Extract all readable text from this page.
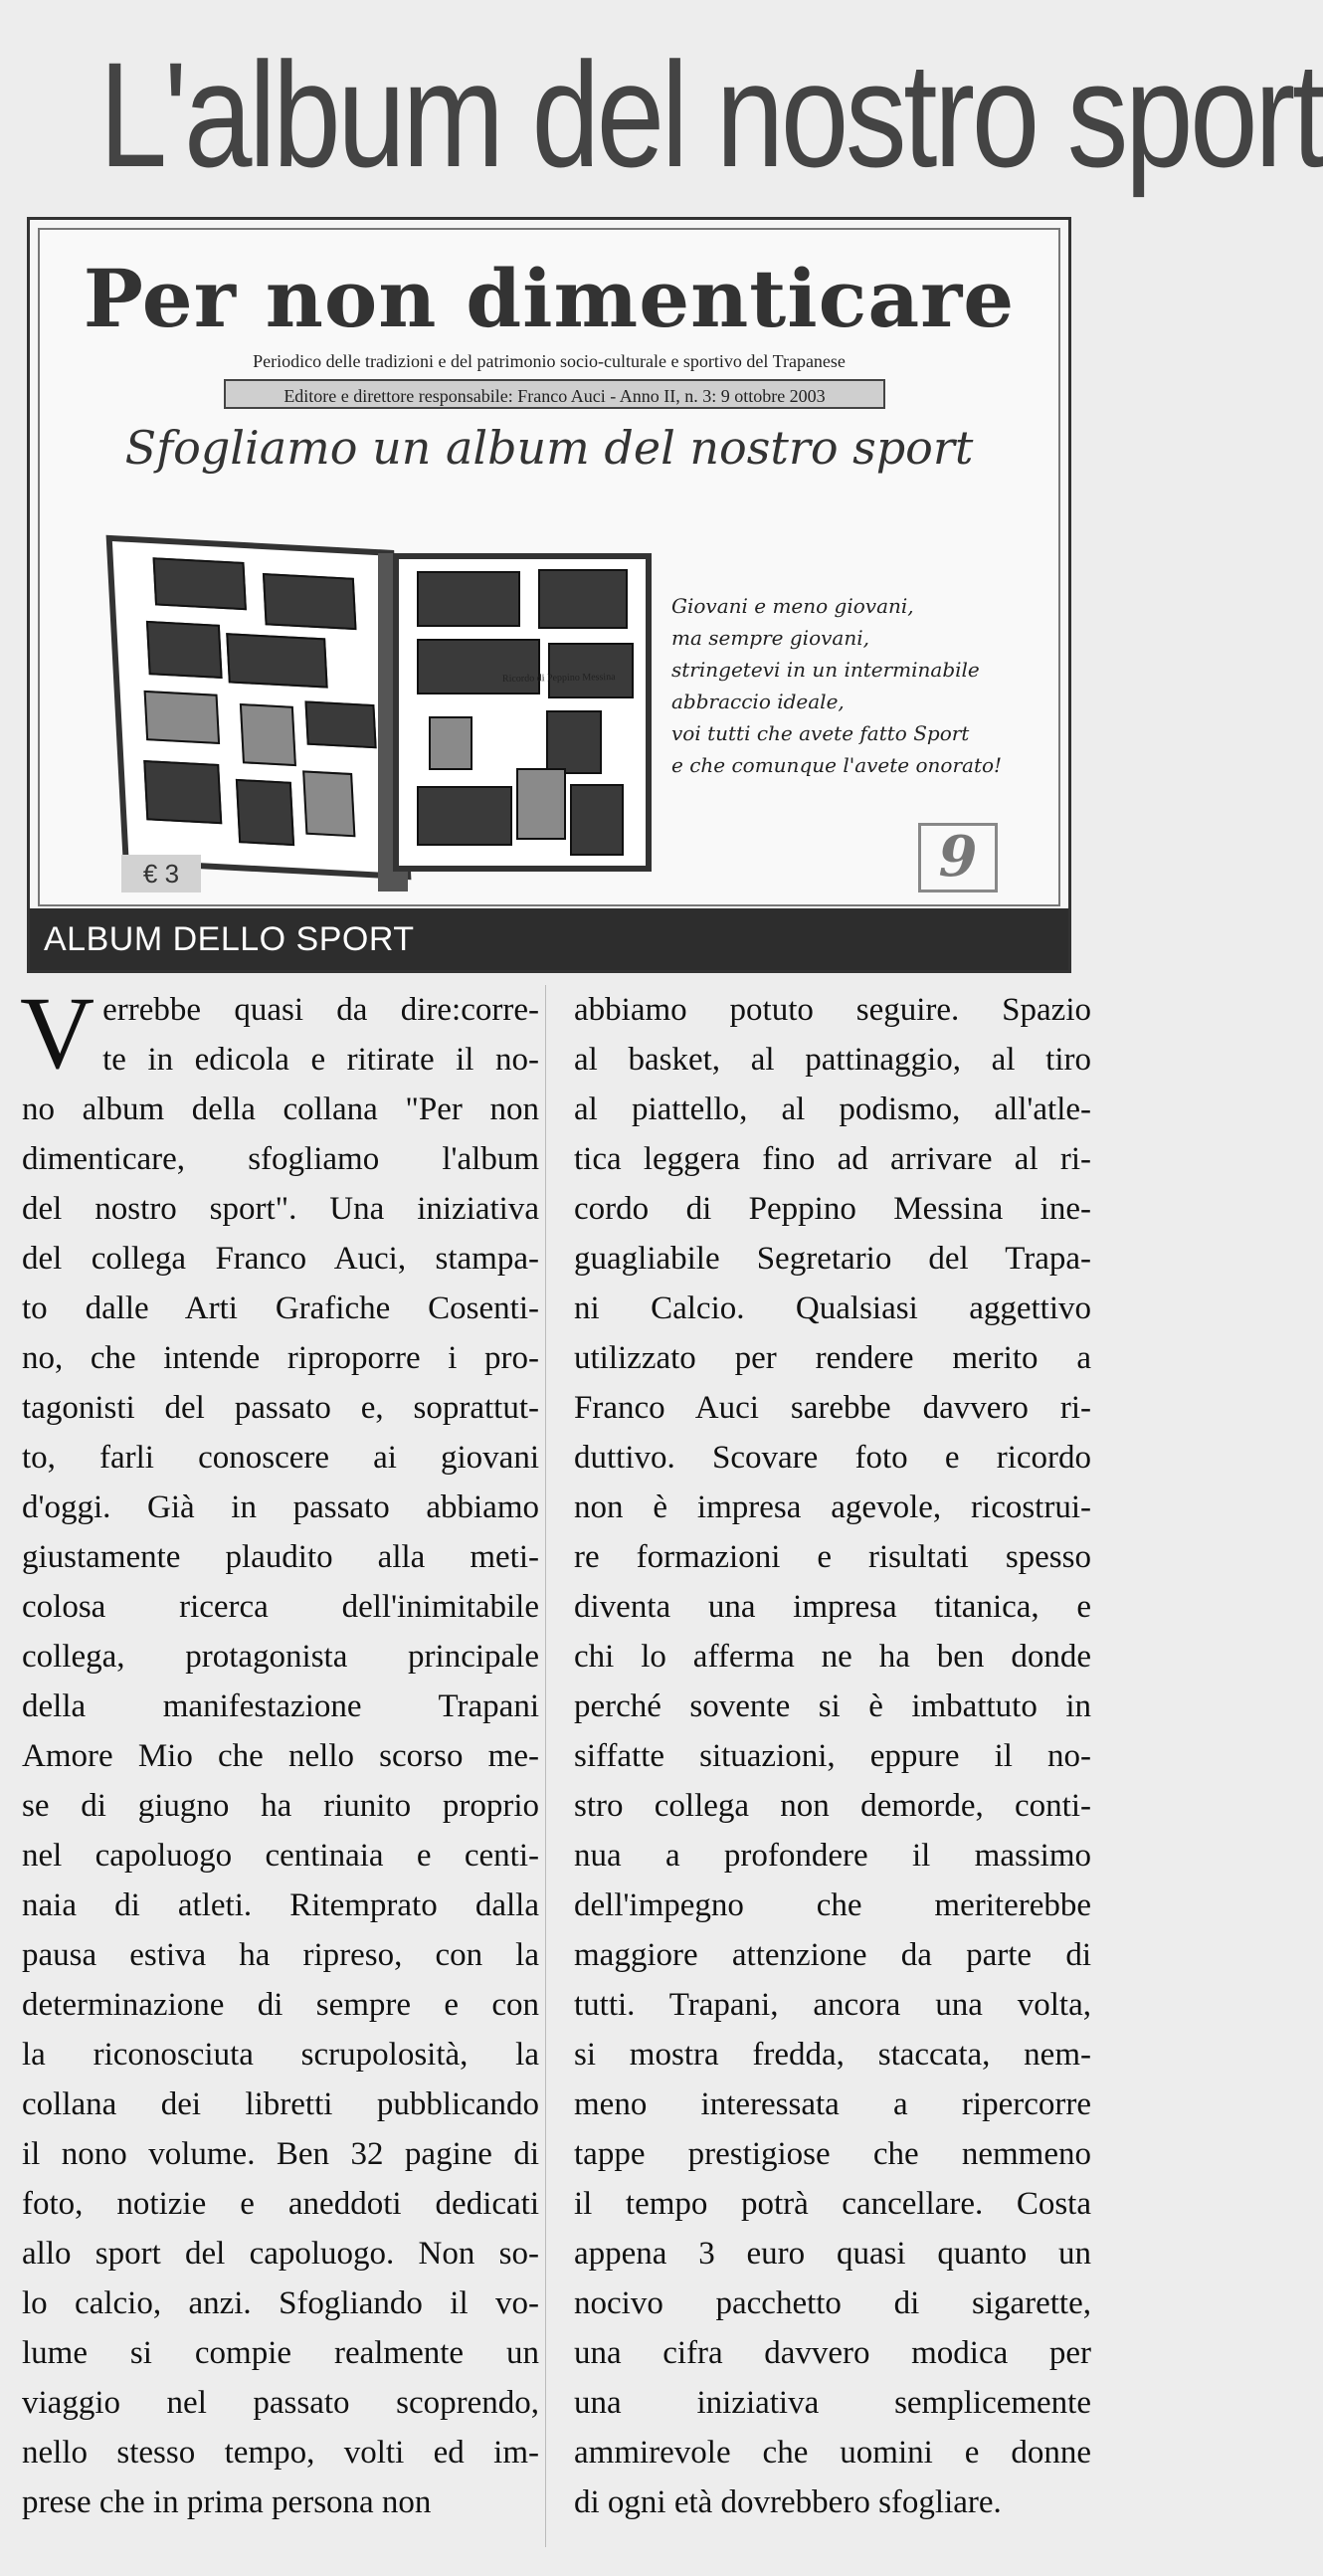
L'album del nostro sport
Per non dimenticare
Periodico delle tradizioni e del patrimonio socio-culturale e sportivo del Trapanese
Editore e direttore responsabile: Franco Auci - Anno II, n. 3: 9 ottobre 2003
Sfogliamo un album del nostro sport
Ricordo di Peppino Messina
Giovani e meno giovani,
ma sempre giovani,
stringetevi in un interminabile
abbraccio ideale,
voi tutti che avete fatto Sport
e che comunque l'avete onorato!
€ 3	9
ALBUM DELLO SPORT
V errebbe quasi da dire:corre-
te in edicola e ritirate il no-
no album della collana "Per non
dimenticare, sfogliamo l'album
del nostro sport". Una iniziativa
del collega Franco Auci, stampa-
to dalle Arti Grafiche Cosenti-
no, che intende riproporre i pro-
tagonisti del passato e, soprattut-
to, farli conoscere ai giovani
d'oggi. Già in passato abbiamo
giustamente plaudito alla meti-
colosa ricerca dell'inimitabile
collega, protagonista principale
della manifestazione Trapani
Amore Mio che nello scorso me-
se di giugno ha riunito proprio
nel capoluogo centinaia e centi-
naia di atleti. Ritemprato dalla
pausa estiva ha ripreso, con la
determinazione di sempre e con
la riconosciuta scrupolosità, la
collana dei libretti pubblicando
il nono volume. Ben 32 pagine di
foto, notizie e aneddoti dedicati
allo sport del capoluogo. Non so-
lo calcio, anzi. Sfogliando il vo-
lume si compie realmente un
viaggio nel passato scoprendo,
nello stesso tempo, volti ed im-
prese che in prima persona non
abbiamo potuto seguire. Spazio
al basket, al pattinaggio, al tiro
al piattello, al podismo, all'atle-
tica leggera fino ad arrivare al ri-
cordo di Peppino Messina ine-
guagliabile Segretario del Trapa-
ni Calcio. Qualsiasi aggettivo
utilizzato per rendere merito a
Franco Auci sarebbe davvero ri-
duttivo. Scovare foto e ricordo
non è impresa agevole, ricostrui-
re formazioni e risultati spesso
diventa una impresa titanica, e
chi lo afferma ne ha ben donde
perché sovente si è imbattuto in
siffatte situazioni, eppure il no-
stro collega non demorde, conti-
nua a profondere il massimo
dell'impegno che meriterebbe
maggiore attenzione da parte di
tutti. Trapani, ancora una volta,
si mostra fredda, staccata, nem-
meno interessata a ripercorre
tappe prestigiose che nemmeno
il tempo potrà cancellare. Costa
appena 3 euro quasi quanto un
nocivo pacchetto di sigarette,
una cifra davvero modica per
una iniziativa semplicemente
ammirevole che uomini e donne
di ogni età dovrebbero sfogliare.
